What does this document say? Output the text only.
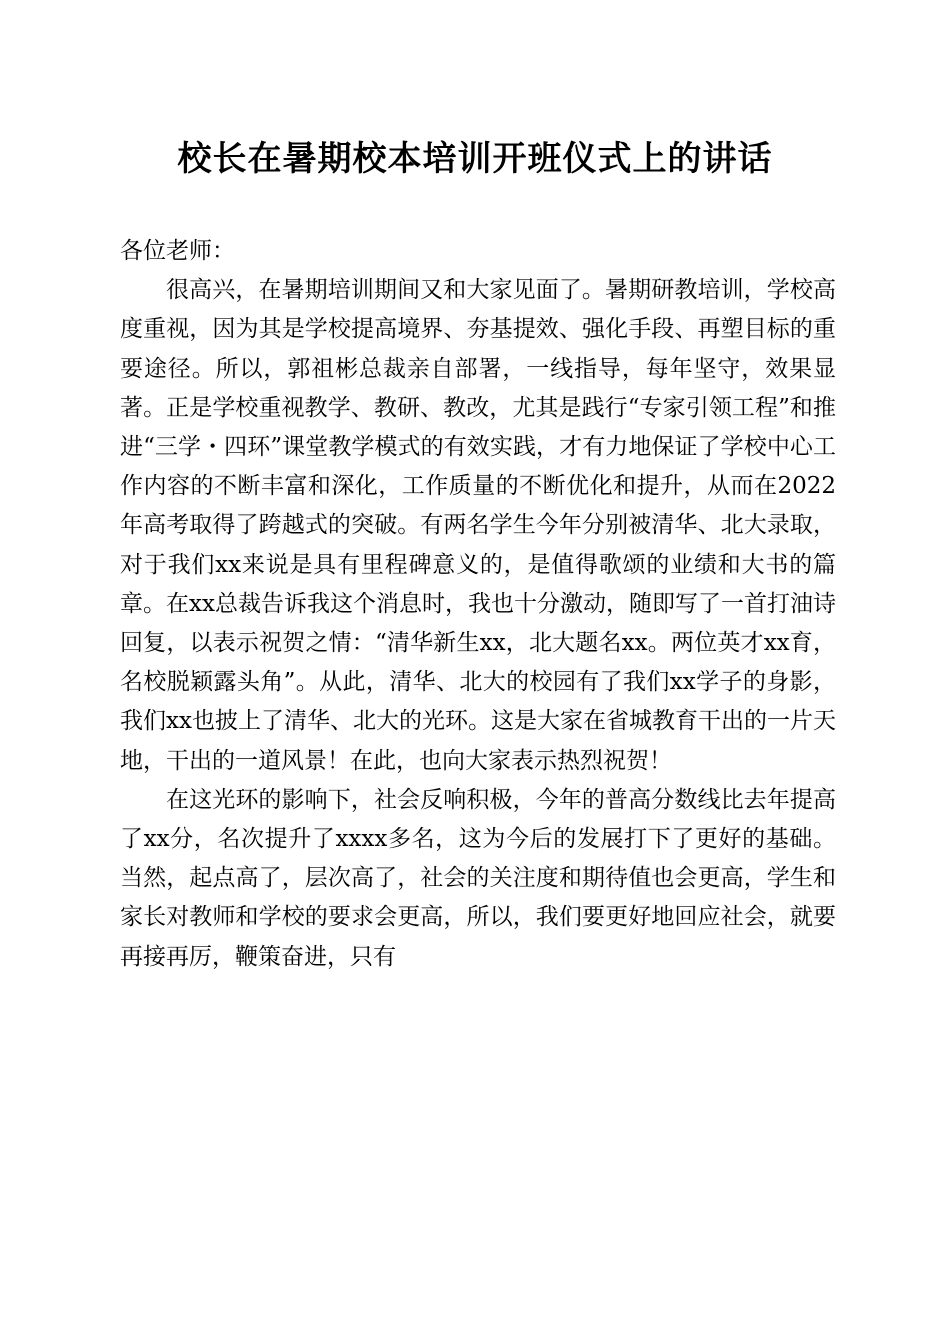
校长在暑期校本培训开班仪式上的讲话

各位老师：

很高兴，在暑期培训期间又和大家见面了。暑期研教培训，学校高度重视，因为其是学校提高境界、夯基提效、强化手段、再塑目标的重要途径。所以，郭祖彬总裁亲自部署，一线指导，每年坚守，效果显著。正是学校重视教学、教研、教改，尤其是践行“专家引领工程”和推进“三学・四环”课堂教学模式的有效实践，才有力地保证了学校中心工作内容的不断丰富和深化，工作质量的不断优化和提升，从而在2022年高考取得了跨越式的突破。有两名学生今年分别被清华、北大录取，对于我们xx来说是具有里程碑意义的，是值得歌颂的业绩和大书的篇章。在xx总裁告诉我这个消息时，我也十分激动，随即写了一首打油诗回复，以表示祝贺之情：“清华新生xx，北大题名xx。两位英才xx育，名校脱颖露头角”。从此，清华、北大的校园有了我们xx学子的身影，我们xx也披上了清华、北大的光环。这是大家在省城教育干出的一片天地，干出的一道风景！在此，也向大家表示热烈祝贺！

在这光环的影响下，社会反响积极，今年的普高分数线比去年提高了xx分，名次提升了xxxx多名，这为今后的发展打下了更好的基础。当然，起点高了，层次高了，社会的关注度和期待值也会更高，学生和家长对教师和学校的要求会更高，所以，我们要更好地回应社会，就要再接再厉，鞭策奋进，只有
